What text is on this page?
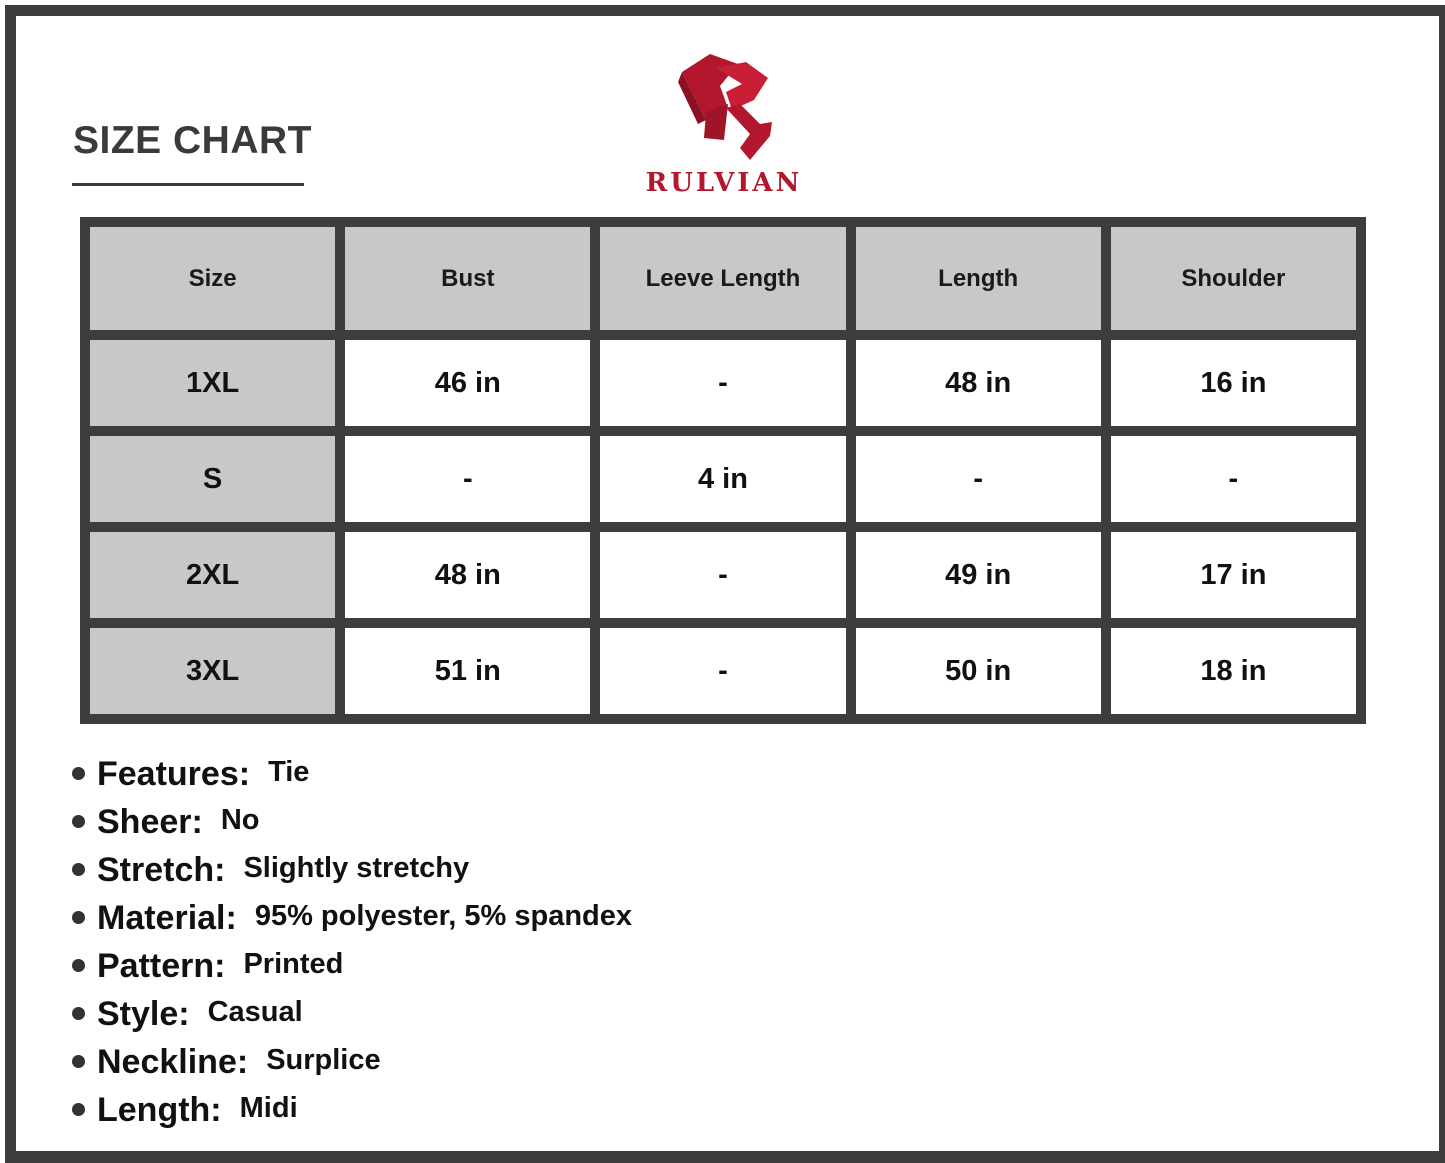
SIZE CHART
RULVIAN
Size	Bust	Leeve Length	Length	Shoulder
1XL	46 in	-	48 in	16 in
S	-	4 in	-	-
2XL	48 in	-	49 in	17 in
3XL	51 in	-	50 in	18 in
Features: Tie
Sheer: No
Stretch: Slightly stretchy
Material: 95% polyester, 5% spandex
Pattern: Printed
Style: Casual
Neckline: Surplice
Length: Midi
